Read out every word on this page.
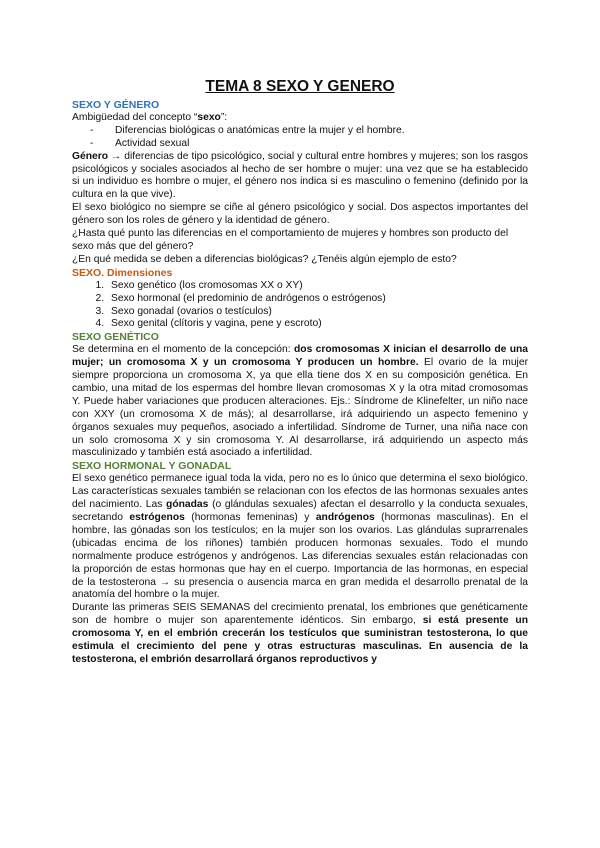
TEMA 8 SEXO Y GENERO
SEXO Y GÉNERO

Ambigüedad del concepto “sexo”:

- Diferencias biológicas o anatómicas entre la mujer y el hombre.
- Actividad sexual

Género → diferencias de tipo psicológico, social y cultural entre hombres y mujeres; son los rasgos psicológicos y sociales asociados al hecho de ser hombre o mujer: una vez que se ha establecido si un individuo es hombre o mujer, el género nos indica si es masculino o femenino (definido por la cultura en la que vive).

El sexo biológico no siempre se ciñe al género psicológico y social. Dos aspectos importantes del género son los roles de género y la identidad de género.

¿Hasta qué punto las diferencias en el comportamiento de mujeres y hombres son producto del sexo más que del género?

¿En qué medida se deben a diferencias biológicas? ¿Tenéis algún ejemplo de esto?

SEXO. Dimensiones
1. Sexo genético (los cromosomas XX o XY)
2. Sexo hormonal (el predominio de andrógenos o estrógenos)
3. Sexo gonadal (ovarios o testículos)
4. Sexo genital (clítoris y vagina, pene y escroto)
SEXO GENÉTICO

Se determina en el momento de la concepción: dos cromosomas X inician el desarrollo de una mujer; un cromosoma X y un cromosoma Y producen un hombre. El ovario de la mujer siempre proporciona un cromosoma X, ya que ella tiene dos X en su composición genética. En cambio, una mitad de los espermas del hombre llevan cromosomas X y la otra mitad cromosomas Y. Puede haber variaciones que producen alteraciones. Ejs.: Síndrome de Klinefelter, un niño nace con XXY (un cromosoma X de más); al desarrollarse, irá adquiriendo un aspecto femenino y órganos sexuales muy pequeños, asociado a infertilidad. Síndrome de Turner, una niña nace con un solo cromosoma X y sin cromosoma Y. Al desarrollarse, irá adquiriendo un aspecto más masculinizado y también está asociado a infertilidad.

SEXO HORMONAL Y GONADAL

El sexo genético permanece igual toda la vida, pero no es lo único que determina el sexo biológico. Las características sexuales también se relacionan con los efectos de las hormonas sexuales antes del nacimiento. Las gónadas (o glándulas sexuales) afectan el desarrollo y la conducta sexuales, secretando estrógenos (hormonas femeninas) y andrógenos (hormonas masculinas). En el hombre, las gónadas son los testículos; en la mujer son los ovarios. Las glándulas suprarrenales (ubicadas encima de los riñones) también producen hormonas sexuales. Todo el mundo normalmente produce estrógenos y andrógenos. Las diferencias sexuales están relacionadas con la proporción de estas hormonas que hay en el cuerpo. Importancia de las hormonas, en especial de la testosterona → su presencia o ausencia marca en gran medida el desarrollo prenatal de la anatomía del hombre o la mujer.

Durante las primeras SEIS SEMANAS del crecimiento prenatal, los embriones que genéticamente son de hombre o mujer son aparentemente idénticos. Sin embargo, si está presente un cromosoma Y, en el embrión crecerán los testículos que suministran testosterona, lo que estimula el crecimiento del pene y otras estructuras masculinas. En ausencia de la testosterona, el embrión desarrollará órganos reproductivos y
